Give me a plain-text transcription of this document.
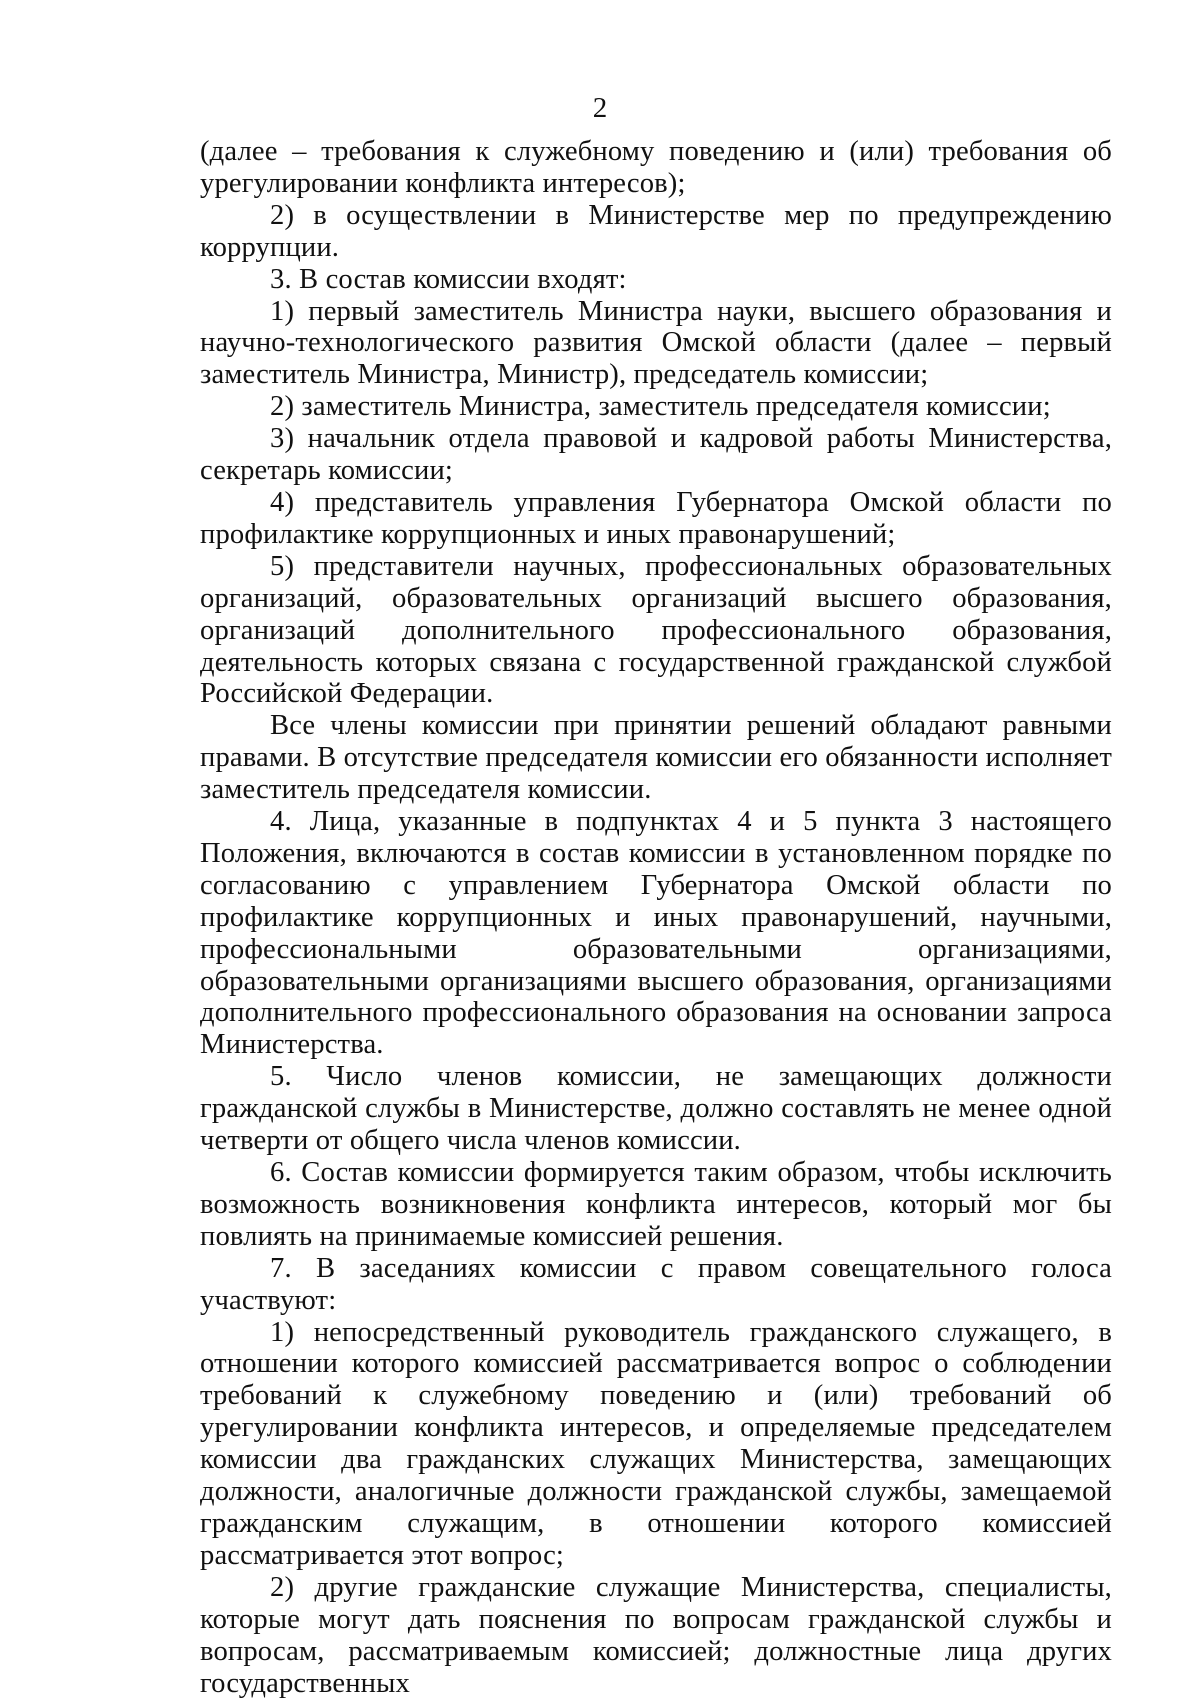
2

(далее – требования к служебному поведению и (или) требования об урегулировании конфликта интересов);

2) в осуществлении в Министерстве мер по предупреждению коррупции.

3. В состав комиссии входят:

1) первый заместитель Министра науки, высшего образования и научно-технологического развития Омской области (далее – первый заместитель Министра, Министр), председатель комиссии;

2) заместитель Министра, заместитель председателя комиссии;

3) начальник отдела правовой и кадровой работы Министерства, секретарь комиссии;

4) представитель управления Губернатора Омской области по профилактике коррупционных и иных правонарушений;

5) представители научных, профессиональных образовательных организаций, образовательных организаций высшего образования, организаций дополнительного профессионального образования, деятельность которых связана с государственной гражданской службой Российской Федерации.

Все члены комиссии при принятии решений обладают равными правами. В отсутствие председателя комиссии его обязанности исполняет заместитель председателя комиссии.

4. Лица, указанные в подпунктах 4 и 5 пункта 3 настоящего Положения, включаются в состав комиссии в установленном порядке по согласованию с управлением Губернатора Омской области по профилактике коррупционных и иных правонарушений, научными, профессиональными образовательными организациями, образовательными организациями высшего образования, организациями дополнительного профессионального образования на основании запроса Министерства.

5. Число членов комиссии, не замещающих должности гражданской службы в Министерстве, должно составлять не менее одной четверти от общего числа членов комиссии.

6. Состав комиссии формируется таким образом, чтобы исключить возможность возникновения конфликта интересов, который мог бы повлиять на принимаемые комиссией решения.

7. В заседаниях комиссии с правом совещательного голоса участвуют:

1) непосредственный руководитель гражданского служащего, в отношении которого комиссией рассматривается вопрос о соблюдении требований к служебному поведению и (или) требований об урегулировании конфликта интересов, и определяемые председателем комиссии два гражданских служащих Министерства, замещающих должности, аналогичные должности гражданской службы, замещаемой гражданским служащим, в отношении которого комиссией рассматривается этот вопрос;

2) другие гражданские служащие Министерства, специалисты, которые могут дать пояснения по вопросам гражданской службы и вопросам, рассматриваемым комиссией; должностные лица других государственных
